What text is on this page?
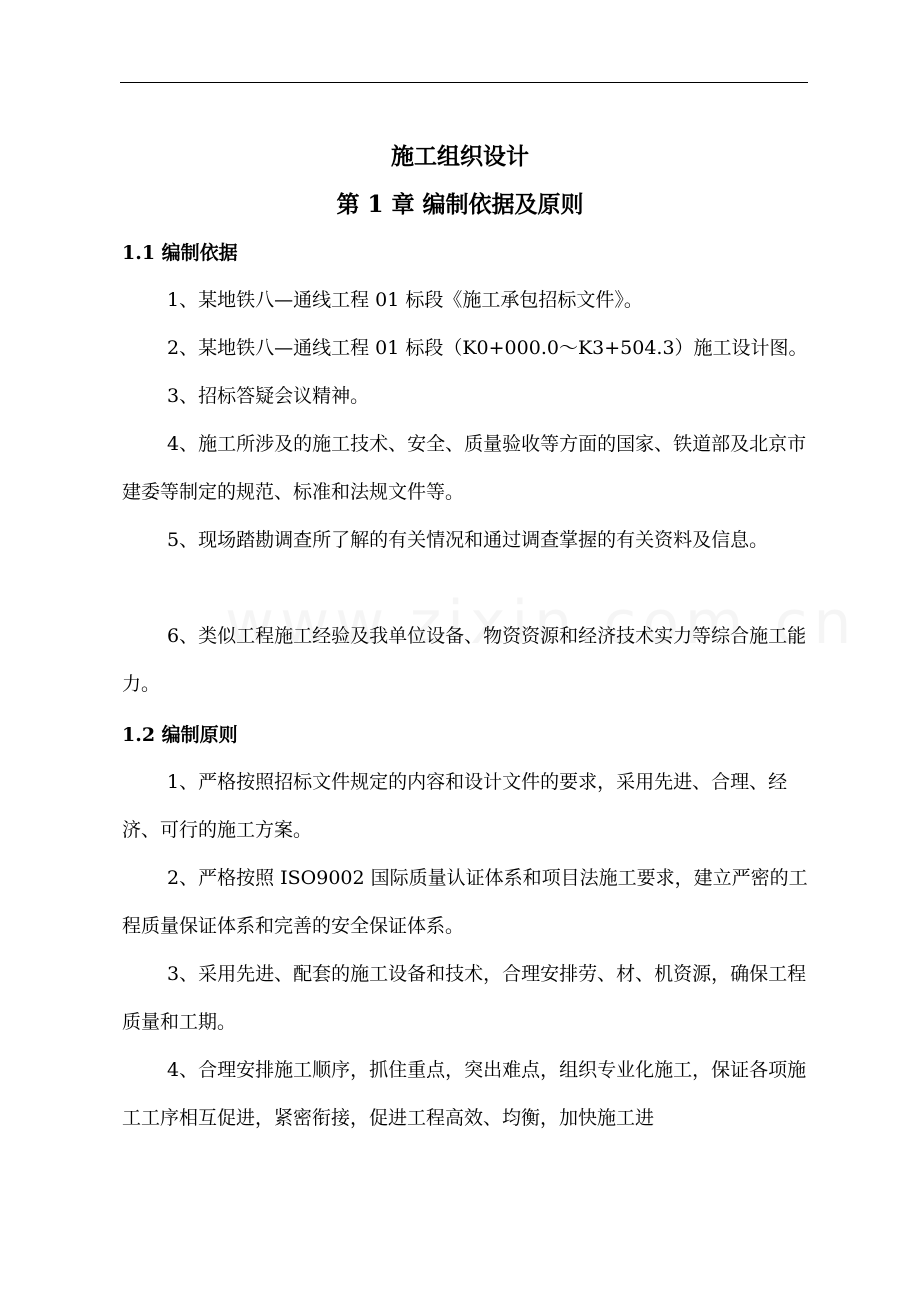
施工组织设计
第 1 章 编制依据及原则
1.1 编制依据
1、某地铁八—通线工程 01 标段《施工承包招标文件》。
2、某地铁八—通线工程 01 标段（K0+000.0～K3+504.3）施工设计图。
3、招标答疑会议精神。
4、施工所涉及的施工技术、安全、质量验收等方面的国家、铁道部及北京市建委等制定的规范、标准和法规文件等。
5、现场踏勘调查所了解的有关情况和通过调查掌握的有关资料及信息。
6、类似工程施工经验及我单位设备、物资资源和经济技术实力等综合施工能力。
1.2 编制原则
1、严格按照招标文件规定的内容和设计文件的要求，采用先进、合理、经济、可行的施工方案。
2、严格按照 ISO9002 国际质量认证体系和项目法施工要求，建立严密的工程质量保证体系和完善的安全保证体系。
3、采用先进、配套的施工设备和技术，合理安排劳、材、机资源，确保工程质量和工期。
4、合理安排施工顺序，抓住重点，突出难点，组织专业化施工，保证各项施工工序相互促进，紧密衔接，促进工程高效、均衡，加快施工进
